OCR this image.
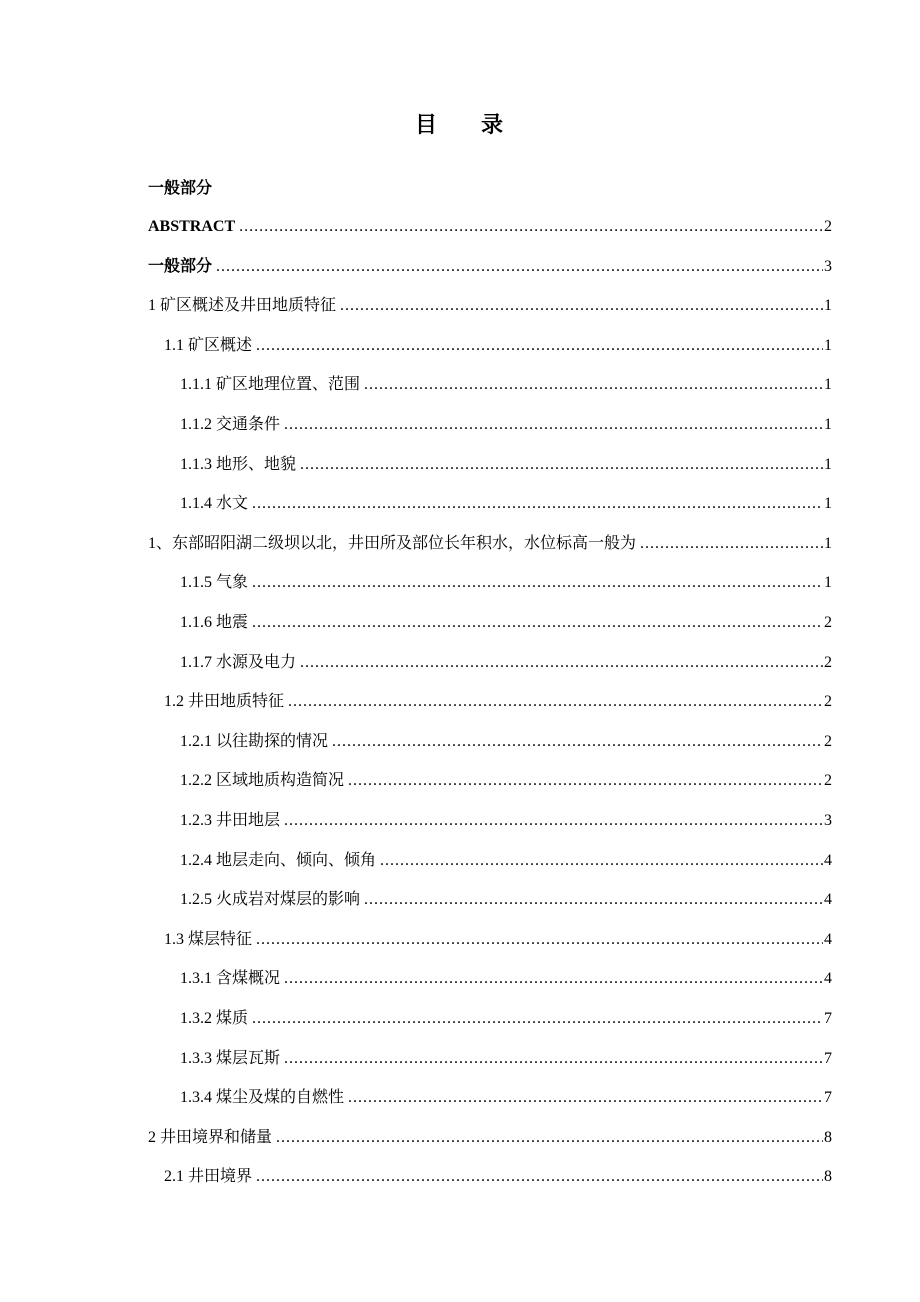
目 录
一般部分
ABSTRACT .....	2
一般部分 .....	3
1 矿区概述及井田地质特征 .....	1
1.1 矿区概述 .....	1
1.1.1 矿区地理位置、范围 .....	1
1.1.2 交通条件 .....	1
1.1.3 地形、地貌 .....	1
1.1.4 水文 .....	1
1、东部昭阳湖二级坝以北，井田所及部位长年积水，水位标高一般为 .....	1
1.1.5 气象 .....	1
1.1.6 地震 .....	2
1.1.7 水源及电力 .....	2
1.2 井田地质特征 .....	2
1.2.1 以往勘探的情况 .....	2
1.2.2 区域地质构造简况 .....	2
1.2.3 井田地层 .....	3
1.2.4 地层走向、倾向、倾角 .....	4
1.2.5 火成岩对煤层的影响 .....	4
1.3 煤层特征 .....	4
1.3.1 含煤概况 .....	4
1.3.2 煤质 .....	7
1.3.3 煤层瓦斯 .....	7
1.3.4 煤尘及煤的自燃性 .....	7
2 井田境界和储量 .....	8
2.1 井田境界 .....	8
